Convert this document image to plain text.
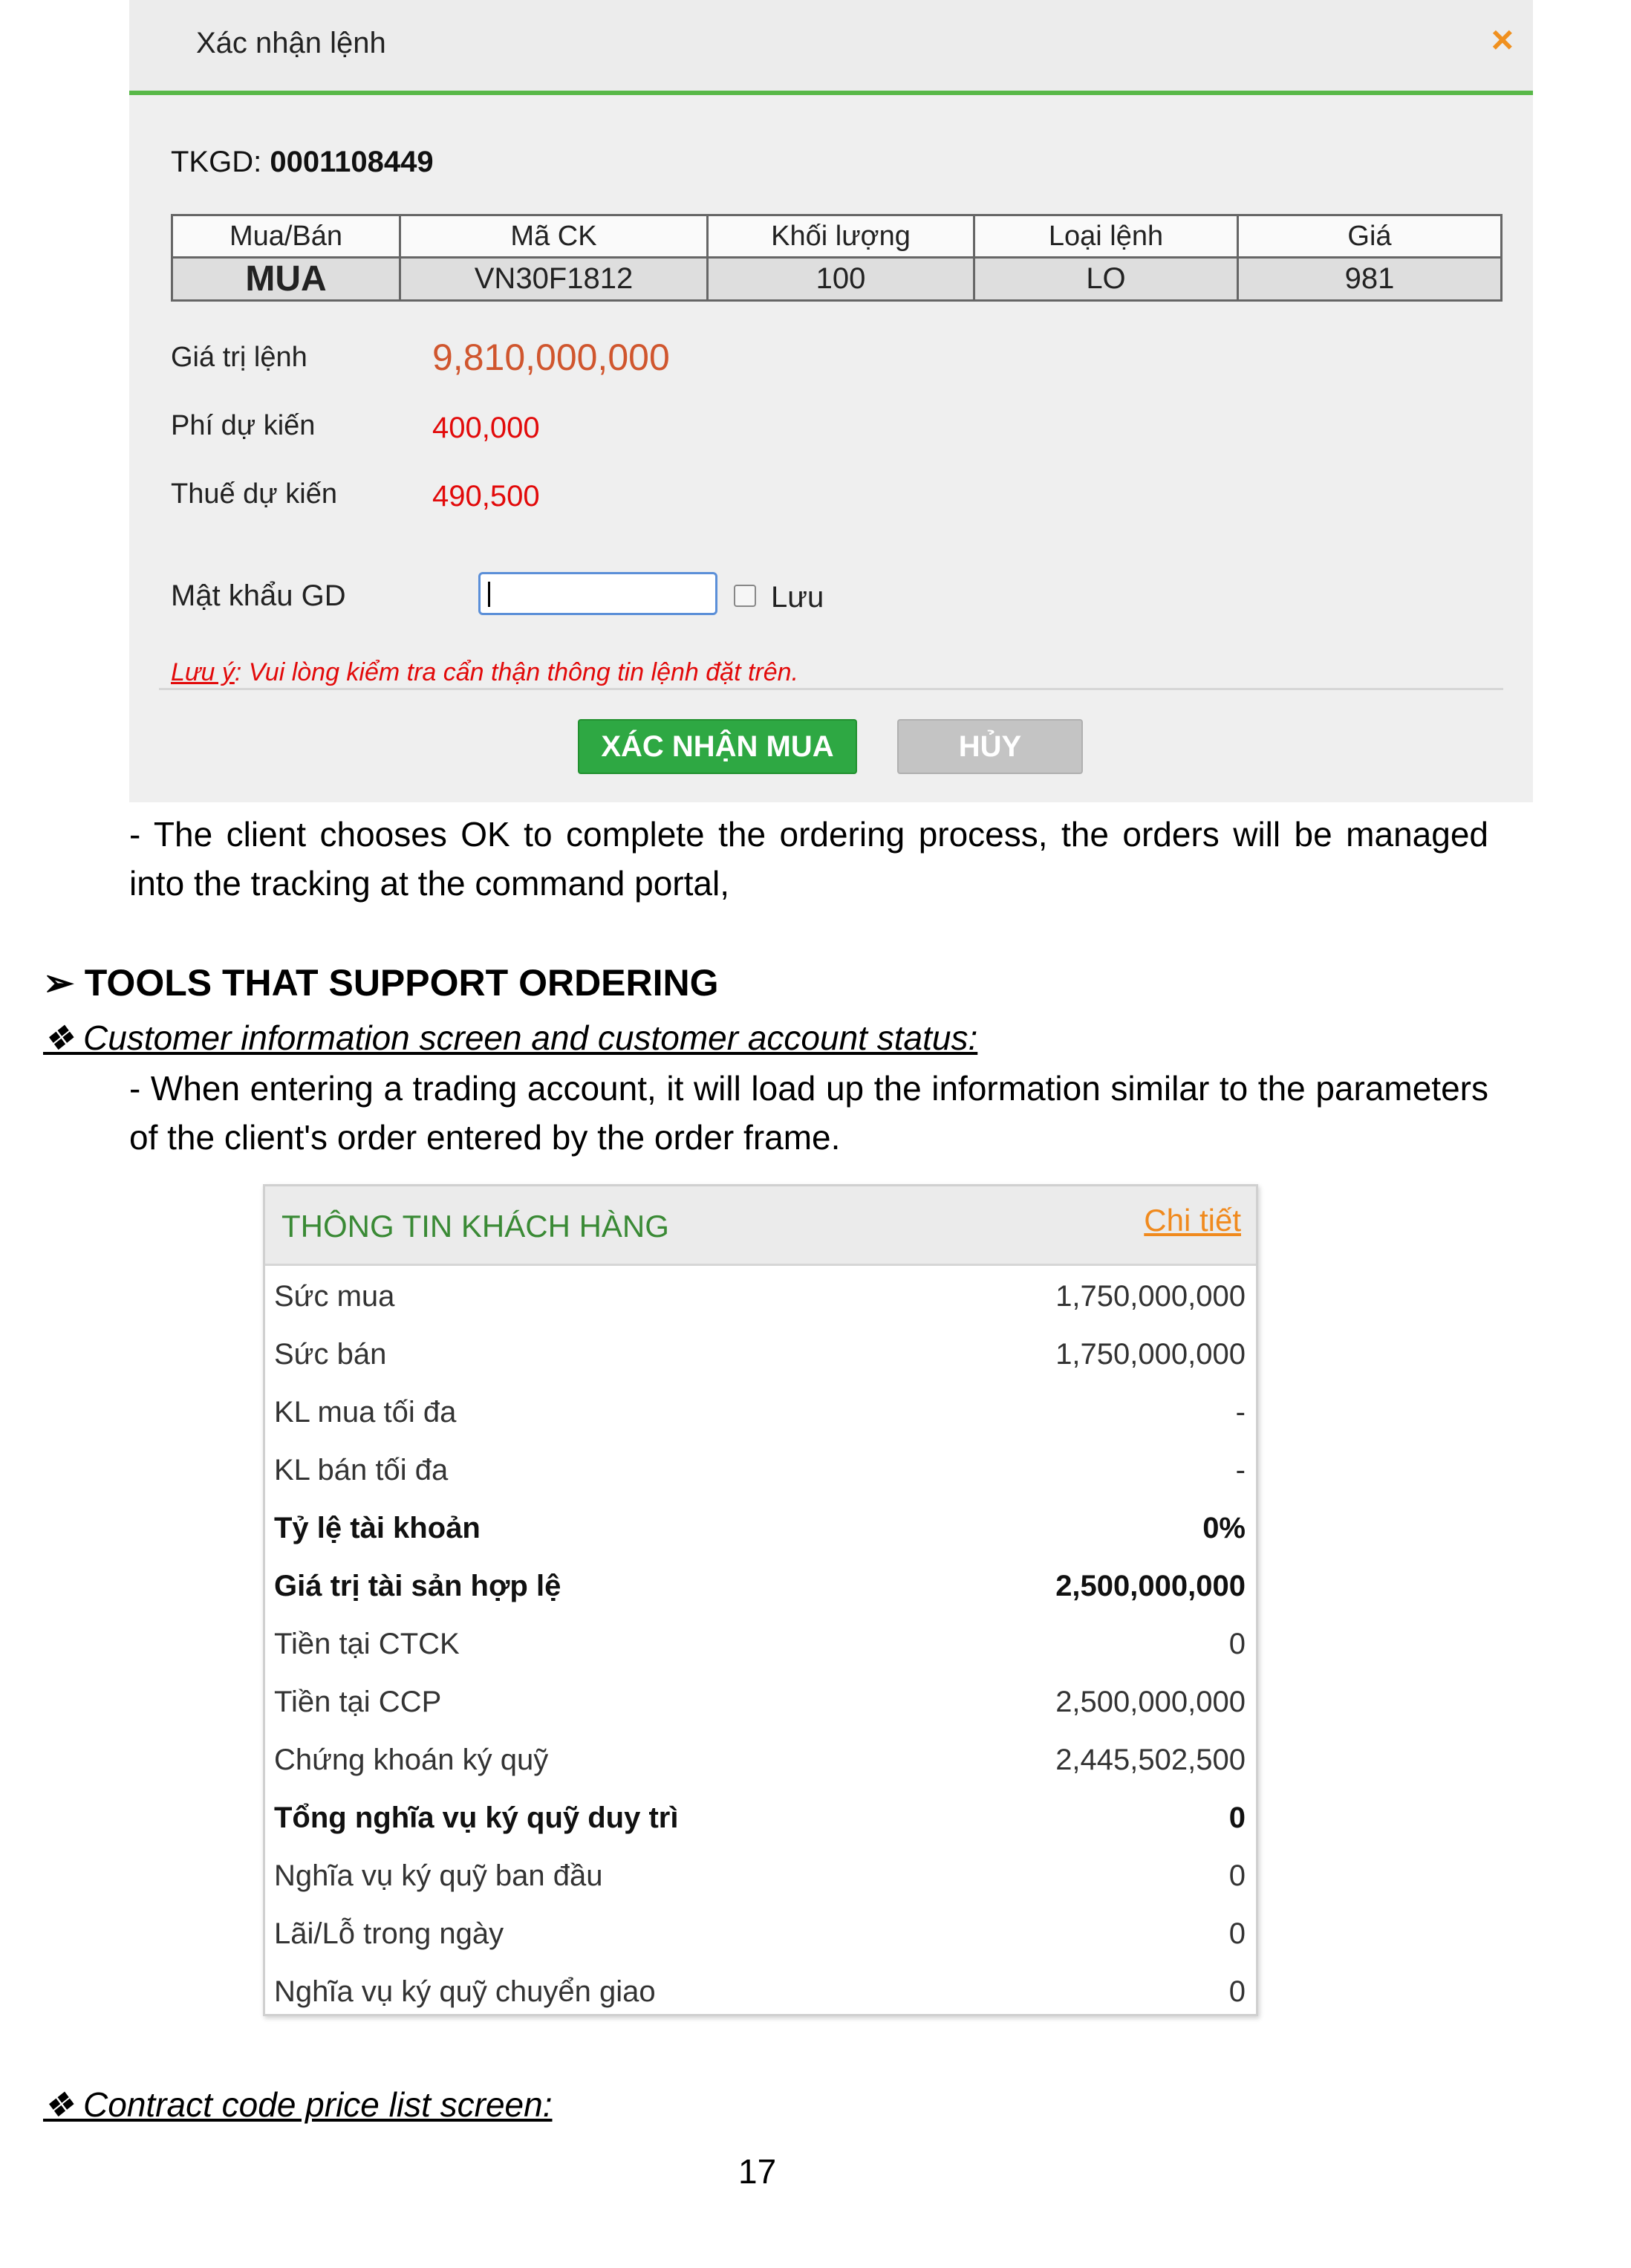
Xác nhận lệnh	×
TKGD: 0001108449
Mua/Bán	Mã CK	Khối lượng	Loại lệnh	Giá
MUA	VN30F1812	100	LO	981
Giá trị lệnh	9,810,000,000
Phí dự kiến	400,000
Thuế dự kiến	490,500
Mật khẩu GD	Lưu
Lưu ý: Vui lòng kiểm tra cẩn thận thông tin lệnh đặt trên.
XÁC NHẬN MUA	HỦY
- The client chooses OK to complete the ordering process, the orders will be managed into the tracking at the command portal,
➢ TOOLS THAT SUPPORT ORDERING
❖ Customer information screen and customer account status:
- When entering a trading account, it will load up the information similar to the parameters of the client's order entered by the order frame.
THÔNG TIN KHÁCH HÀNG	Chi tiết
Sức mua	1,750,000,000
Sức bán	1,750,000,000
KL mua tối đa	-
KL bán tối đa	-
Tỷ lệ tài khoản	0%
Giá trị tài sản hợp lệ	2,500,000,000
Tiền tại CTCK	0
Tiền tại CCP	2,500,000,000
Chứng khoán ký quỹ	2,445,502,500
Tổng nghĩa vụ ký quỹ duy trì	0
Nghĩa vụ ký quỹ ban đầu	0
Lãi/Lỗ trong ngày	0
Nghĩa vụ ký quỹ chuyển giao	0
❖ Contract code price list screen:
17
